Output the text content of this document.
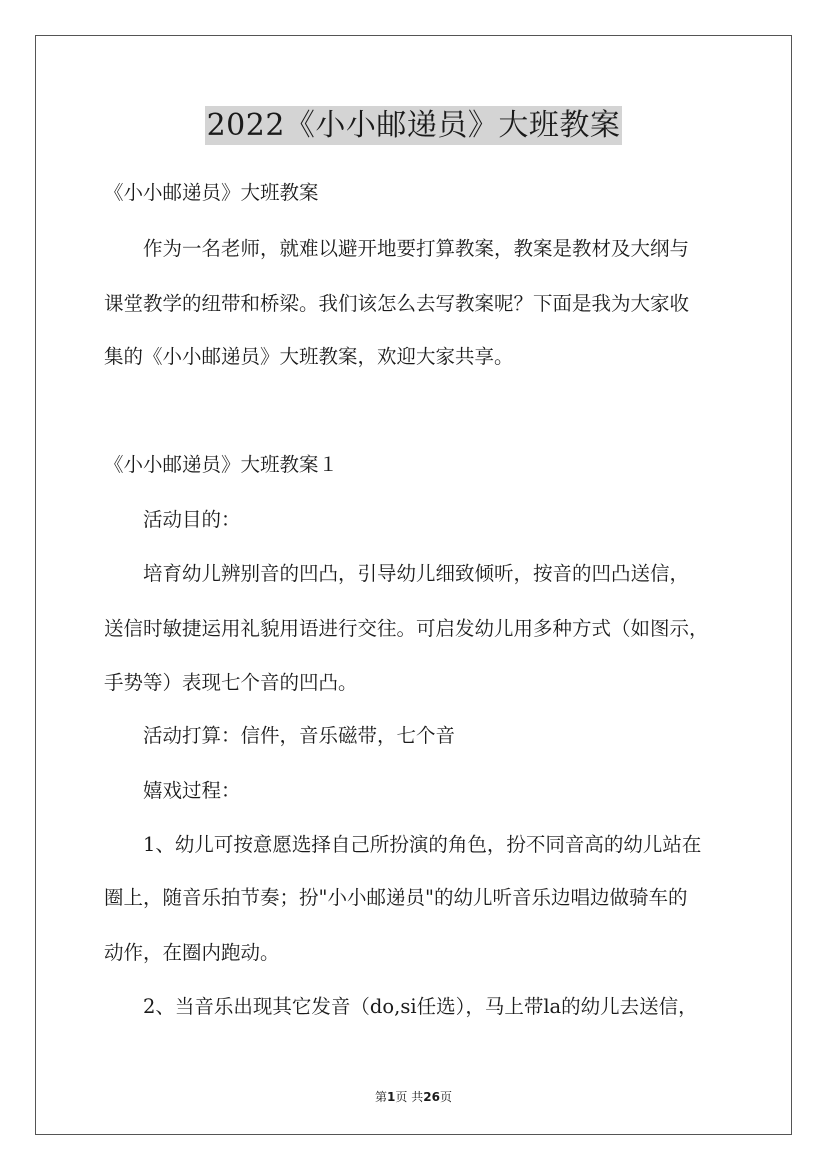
2022《小小邮递员》大班教案
《小小邮递员》大班教案
作为一名老师，就难以避开地要打算教案，教案是教材及大纲与
课堂教学的纽带和桥梁。我们该怎么去写教案呢？下面是我为大家收
集的《小小邮递员》大班教案，欢迎大家共享。
《小小邮递员》大班教案１
活动目的：
培育幼儿辨别音的凹凸，引导幼儿细致倾听，按音的凹凸送信，
送信时敏捷运用礼貌用语进行交往。可启发幼儿用多种方式（如图示，
手势等）表现七个音的凹凸。
活动打算：信件，音乐磁带，七个音
嬉戏过程：
1、幼儿可按意愿选择自己所扮演的角色，扮不同音高的幼儿站在
圈上，随音乐拍节奏；扮"小小邮递员"的幼儿听音乐边唱边做骑车的
动作，在圈内跑动。
2、当音乐出现其它发音（do,si任选），马上带la的幼儿去送信，
第1页 共26页
